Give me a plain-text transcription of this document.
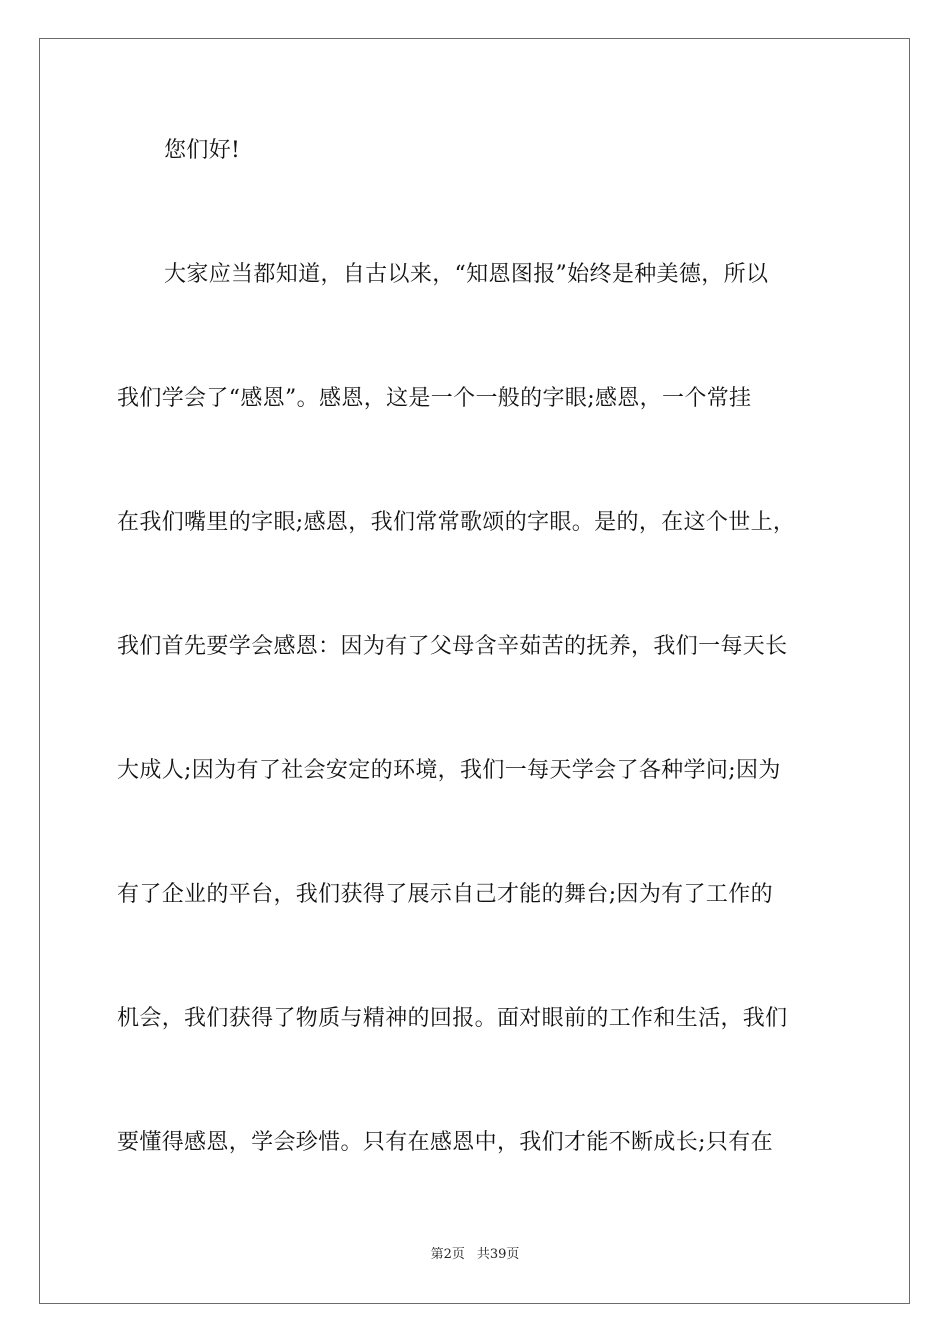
您们好!
大家应当都知道，自古以来，“知恩图报”始终是种美德，所以
我们学会了“感恩”。感恩，这是一个一般的字眼;感恩，一个常挂
在我们嘴里的字眼;感恩，我们常常歌颂的字眼。是的，在这个世上，
我们首先要学会感恩：因为有了父母含辛茹苦的抚养，我们一每天长
大成人;因为有了社会安定的环境，我们一每天学会了各种学问;因为
有了企业的平台，我们获得了展示自己才能的舞台;因为有了工作的
机会，我们获得了物质与精神的回报。面对眼前的工作和生活，我们
要懂得感恩，学会珍惜。只有在感恩中，我们才能不断成长;只有在
第2页 共39页
